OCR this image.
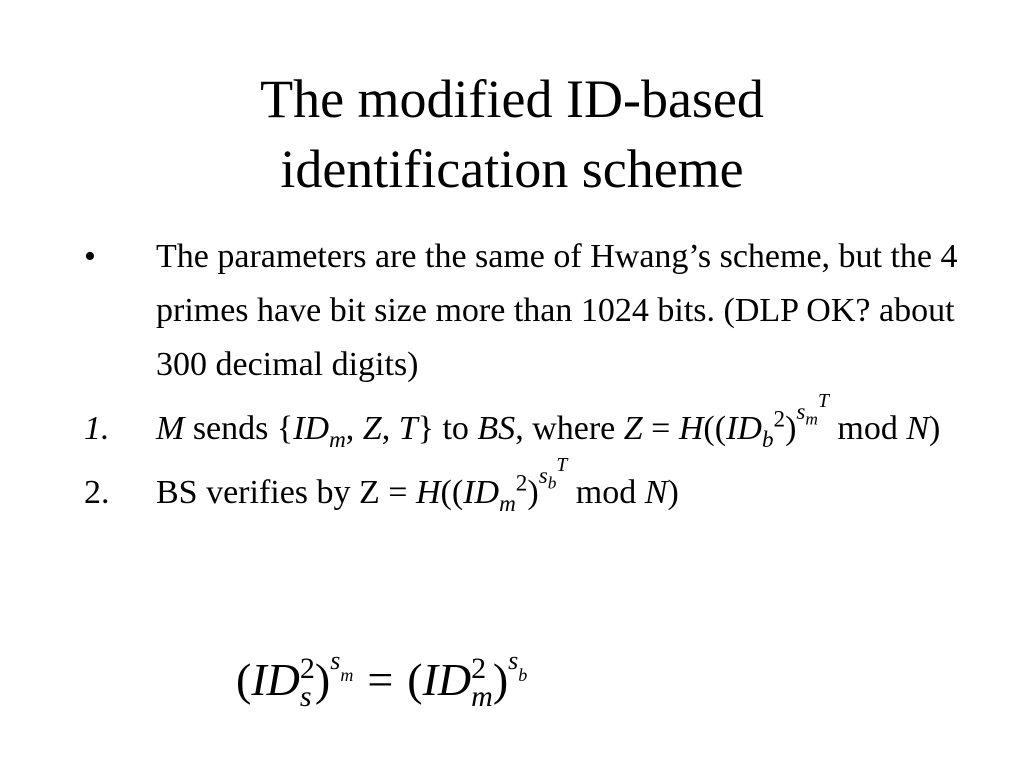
The modified ID-based
identification scheme
•	The parameters are the same of Hwang’s scheme, but the 4 primes have bit size more than 1024 bits. (DLP OK? about 300 decimal digits)
1.	M sends {$ID_m$, Z, T} to BS, where $Z = H((ID_b^2)^{s_m^T}$ mod N)
2.	BS verifies by $Z = H((ID_m^2)^{s_b^T}$ mod N)
(ID 2
s )$^{s_m}$ = (ID 2
m )$^{s_b}$
